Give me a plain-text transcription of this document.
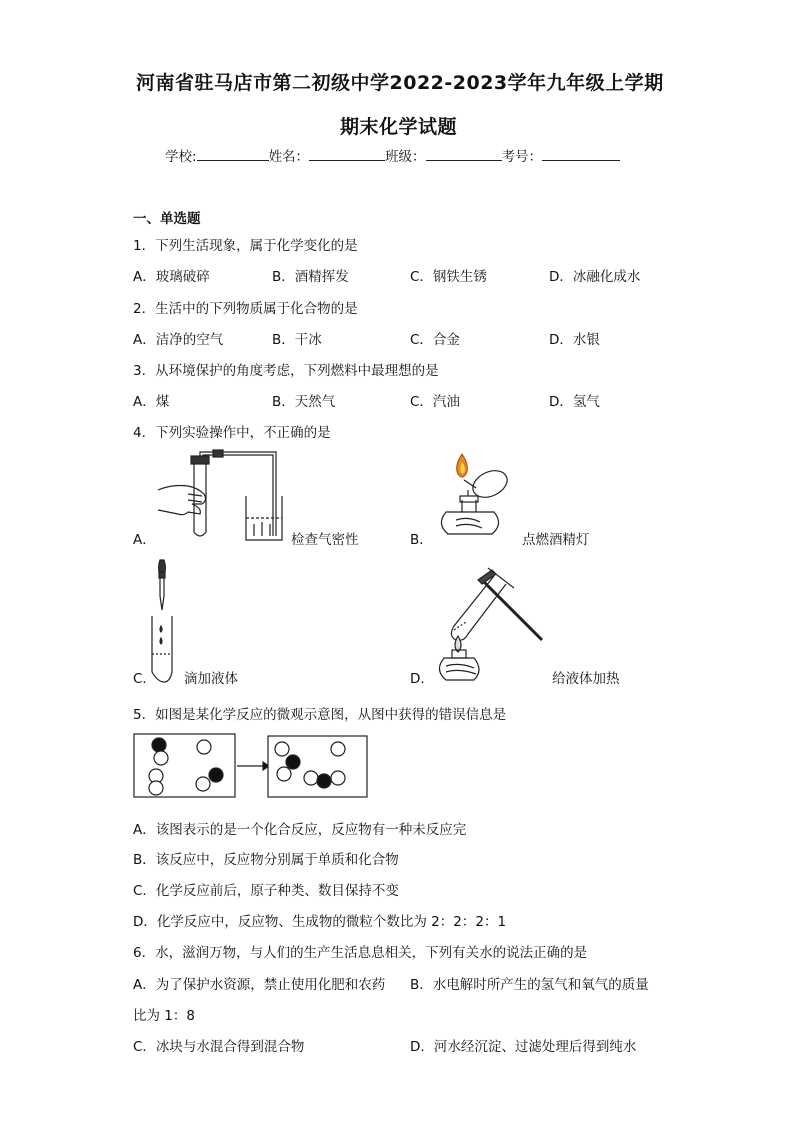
河南省驻马店市第二初级中学2022-2023学年九年级上学期
期末化学试题
学校:	姓名：	班级：	考号：
一、单选题
1．下列生活现象，属于化学变化的是
A．玻璃破碎	B．酒精挥发	C．钢铁生锈	D．冰融化成水
2．生活中的下列物质属于化合物的是
A．洁净的空气	B．干冰	C．合金	D．水银
3．从环境保护的角度考虑，下列燃料中最理想的是
A．煤	B．天然气	C．汽油	D．氢气
4．下列实验操作中，不正确的是
A．	检查气密性	B．	点燃酒精灯
C． 滴加液体	D．	给液体加热
5．如图是某化学反应的微观示意图，从图中获得的错误信息是
A．该图表示的是一个化合反应，反应物有一种未反应完
B．该反应中，反应物分别属于单质和化合物
C．化学反应前后，原子种类、数目保持不变
D．化学反应中，反应物、生成物的微粒个数比为 2：2：2：1
6．水，滋润万物，与人们的生产生活息息相关，下列有关水的说法正确的是
A．为了保护水资源，禁止使用化肥和农药 B．水电解时所产生的氢气和氧气的质量
比为 1：8
C．冰块与水混合得到混合物	D．河水经沉淀、过滤处理后得到纯水
